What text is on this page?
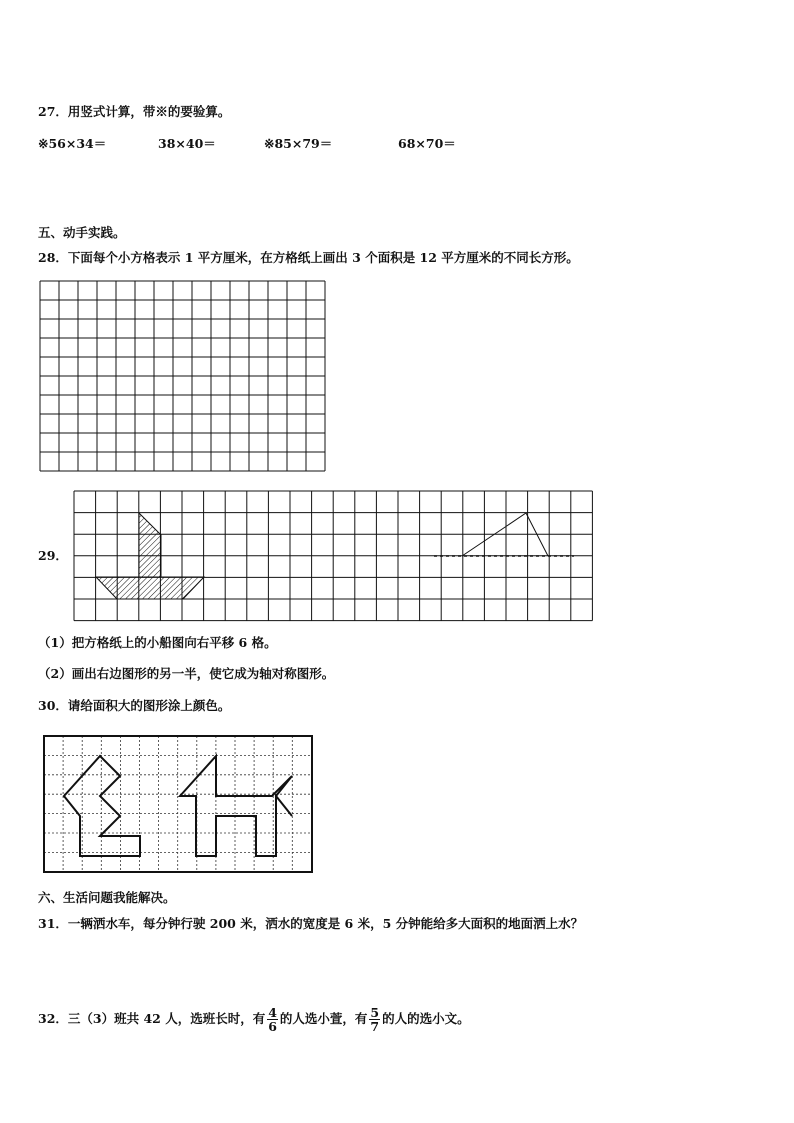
27．用竖式计算，带※的要验算。
※56×34＝	38×40＝	※85×79＝	68×70＝
五、动手实践。
28．下面每个小方格表示 1 平方厘米，在方格纸上画出 3 个面积是 12 平方厘米的不同长方形。
29．
（1）把方格纸上的小船图向右平移 6 格。
（2）画出右边图形的另一半，使它成为轴对称图形。
30．请给面积大的图形涂上颜色。
六、生活问题我能解决。
31．一辆洒水车，每分钟行驶 200 米，洒水的宽度是 6 米，5 分钟能给多大面积的地面洒上水？
32．三（3）班共 42 人，选班长时，有 $\frac{4}{6}$ 的人选小萱，有 $\frac{5}{7}$ 的人的选小文。
